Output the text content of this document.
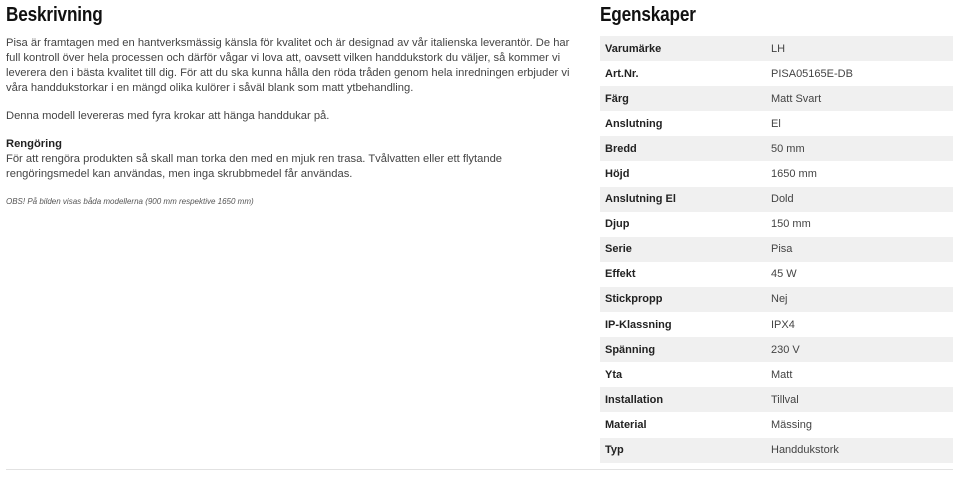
Beskrivning

Pisa är framtagen med en hantverksmässig känsla för kvalitet och är designad av vår italienska leverantör. De har full kontroll över hela processen och därför vågar vi lova att, oavsett vilken handdukstork du väljer, så kommer vi leverera den i bästa kvalitet till dig. För att du ska kunna hålla den röda tråden genom hela inredningen erbjuder vi våra handdukstorkar i en mängd olika kulörer i såväl blank som matt ytbehandling.

Denna modell levereras med fyra krokar att hänga handdukar på.

Rengöring

För att rengöra produkten så skall man torka den med en mjuk ren trasa. Tvålvatten eller ett flytande rengöringsmedel kan användas, men inga skrubbmedel får användas.

OBS! På bilden visas båda modellerna (900 mm respektive 1650 mm)

Egenskaper
Varumärke	LH
Art.Nr.	PISA05165E-DB
Färg	Matt Svart
Anslutning	El
Bredd	50 mm
Höjd	1650 mm
Anslutning El	Dold
Djup	150 mm
Serie	Pisa
Effekt	45 W
Stickpropp	Nej
IP-Klassning	IPX4
Spänning	230 V
Yta	Matt
Installation	Tillval
Material	Mässing
Typ	Handdukstork
